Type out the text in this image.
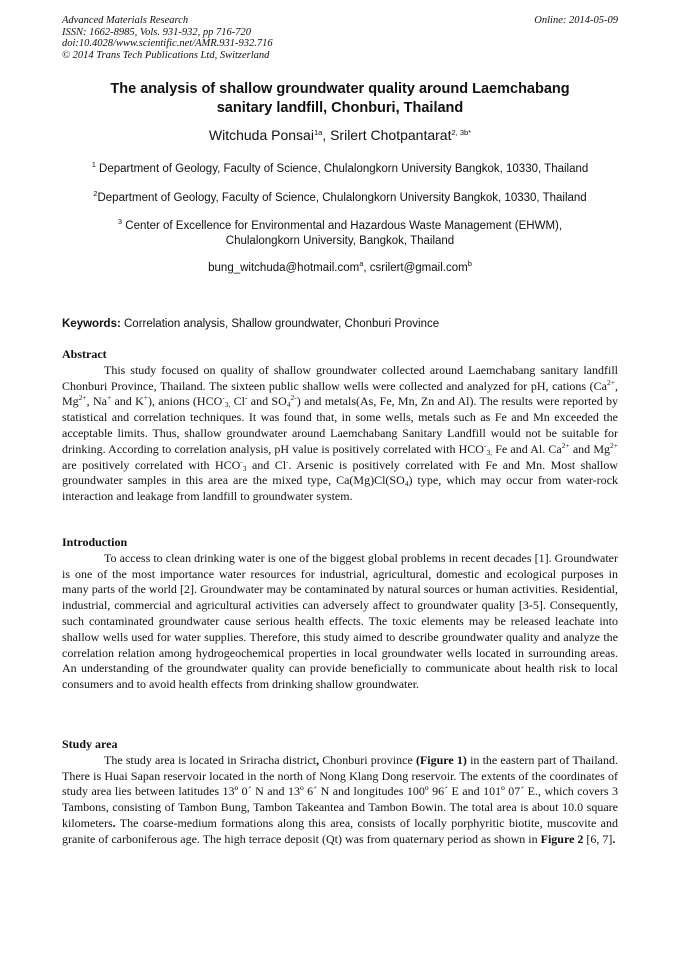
Advanced Materials Research
ISSN: 1662-8985, Vols. 931-932, pp 716-720
doi:10.4028/www.scientific.net/AMR.931-932.716
© 2014 Trans Tech Publications Ltd, Switzerland
Online: 2014-05-09
The analysis of shallow groundwater quality around Laemchabang
sanitary landfill, Chonburi, Thailand
Witchuda Ponsai$^{1a}$, Srilert Chotpantarat$^{2, 3b*}$
$^1$ Department of Geology, Faculty of Science, Chulalongkorn University Bangkok, 10330, Thailand
$^2$Department of Geology, Faculty of Science, Chulalongkorn University Bangkok, 10330, Thailand
$^3$ Center of Excellence for Environmental and Hazardous Waste Management (EHWM),
Chulalongkorn University, Bangkok, Thailand
bung_witchuda@hotmail.com$^a$, csrilert@gmail.com$^b$
Keywords: Correlation analysis, Shallow groundwater, Chonburi Province
Abstract

This study focused on quality of shallow groundwater collected around Laemchabang sanitary landfill Chonburi Province, Thailand. The sixteen public shallow wells were collected and analyzed for pH, cations ($Ca^{2+}$, $Mg^{2+}$, Na+ and K+), anions ($HCO^-_{3,}$ Cl- and $SO_4^{2-}$) and metals(As, Fe, Mn, Zn and Al). The results were reported by statistical and correlation techniques. It was found that, in some wells, metals such as Fe and Mn exceeded the acceptable limits. Thus, shallow groundwater around Laemchabang Sanitary Landfill would not be suitable for drinking. According to correlation analysis, pH value is positively correlated with $HCO^-_{3,}$ Fe and Al. $Ca^{2+}$ and $Mg^{2+}$ are positively correlated with $HCO^-_3$ and Cl-. Arsenic is positively correlated with Fe and Mn. Most shallow groundwater samples in this area are the mixed type, $Ca(Mg)Cl(SO_4)$ type, which may occur from water-rock interaction and leakage from landfill to groundwater system.

Introduction

To access to clean drinking water is one of the biggest global problems in recent decades [1]. Groundwater is one of the most importance water resources for industrial, agricultural, domestic and ecological purposes in many parts of the world [2]. Groundwater may be contaminated by natural sources or human activities. Residential, industrial, commercial and agricultural activities can adversely affect to groundwater quality [3-5]. Consequently, such contaminated groundwater cause serious health effects. The toxic elements may be released leachate into shallow wells used for water supplies. Therefore, this study aimed to describe groundwater quality and analyze the correlation relation among hydrogeochemical properties in local groundwater wells located in surrounding areas. An understanding of the groundwater quality can provide beneficially to communicate about health risk to local consumers and to avoid health effects from drinking shallow groundwater.

Study area

The study area is located in Sriracha district, Chonburi province (Figure 1) in the eastern part of Thailand. There is Huai Sapan reservoir located in the north of Nong Klang Dong reservoir. The extents of the coordinates of study area lies between latitudes 13º 0´ N and 13º 6´ N and longitudes 100º 96´ E and 101º 07´ E., which covers 3 Tambons, consisting of Tambon Bung, Tambon Takeantea and Tambon Bowin. The total area is about 10.0 square kilometers. The coarse-medium formations along this area, consists of locally porphyritic biotite, muscovite and granite of carboniferous age. The high terrace deposit (Qt) was from quaternary period as shown in Figure 2 [6, 7].
